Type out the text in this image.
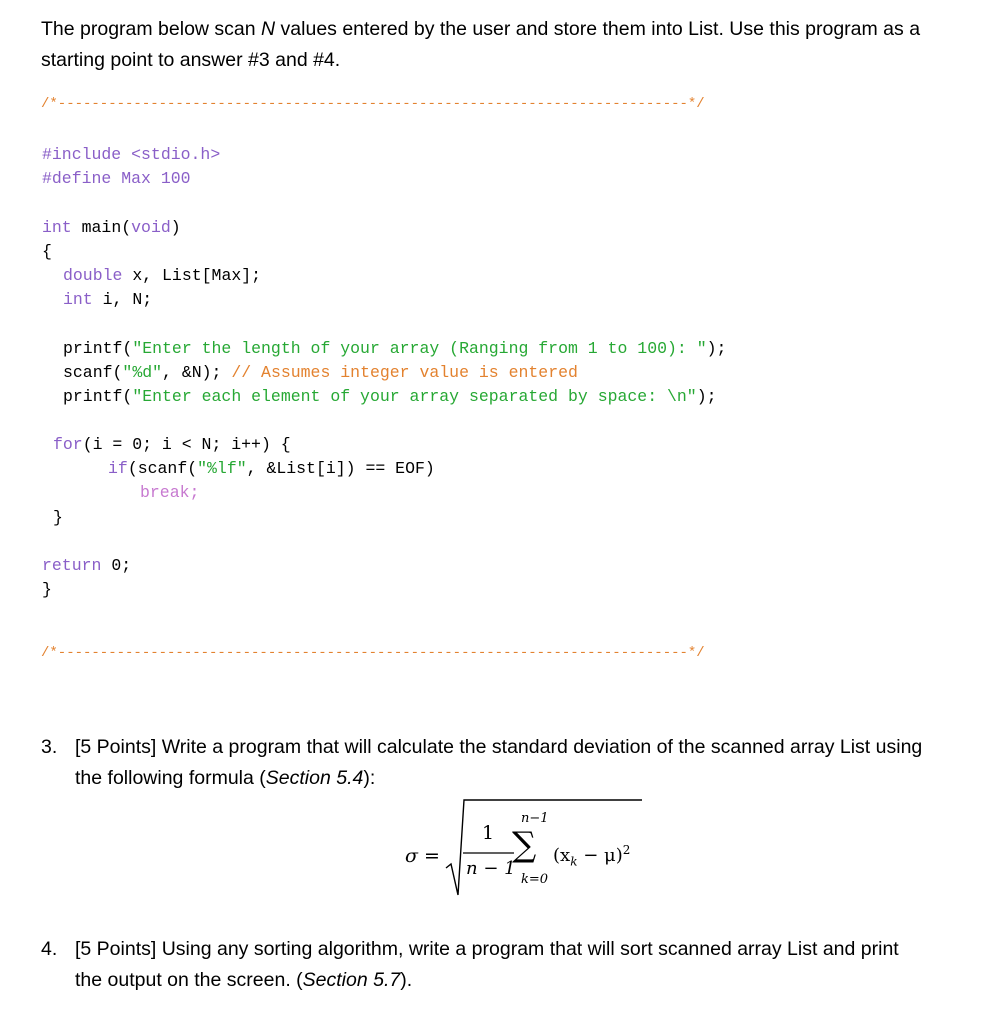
The program below scan N values entered by the user and store them into List. Use this program as a
starting point to answer #3 and #4.
/*---------------------------------------------------------------------------*/
#include <stdio.h>
#define Max 100
int main(void)
{
double x, List[Max];
int i, N;
printf("Enter the length of your array (Ranging from 1 to 100): ");
scanf("%d", &N); // Assumes integer value is entered
printf("Enter each element of your array separated by space: \n");
for(i = 0; i < N; i++) {
if(scanf("%lf", &List[i]) == EOF)
break;
}
return 0;
}
/*---------------------------------------------------------------------------*/
3. [5 Points] Write a program that will calculate the standard deviation of the scanned array List using
the following formula (Section 5.4):
σ =
1
n − 1
n−1
∑
k=0
$(x_k - \mu)^2$
4. [5 Points] Using any sorting algorithm, write a program that will sort scanned array List and print
the output on the screen. (Section 5.7).
